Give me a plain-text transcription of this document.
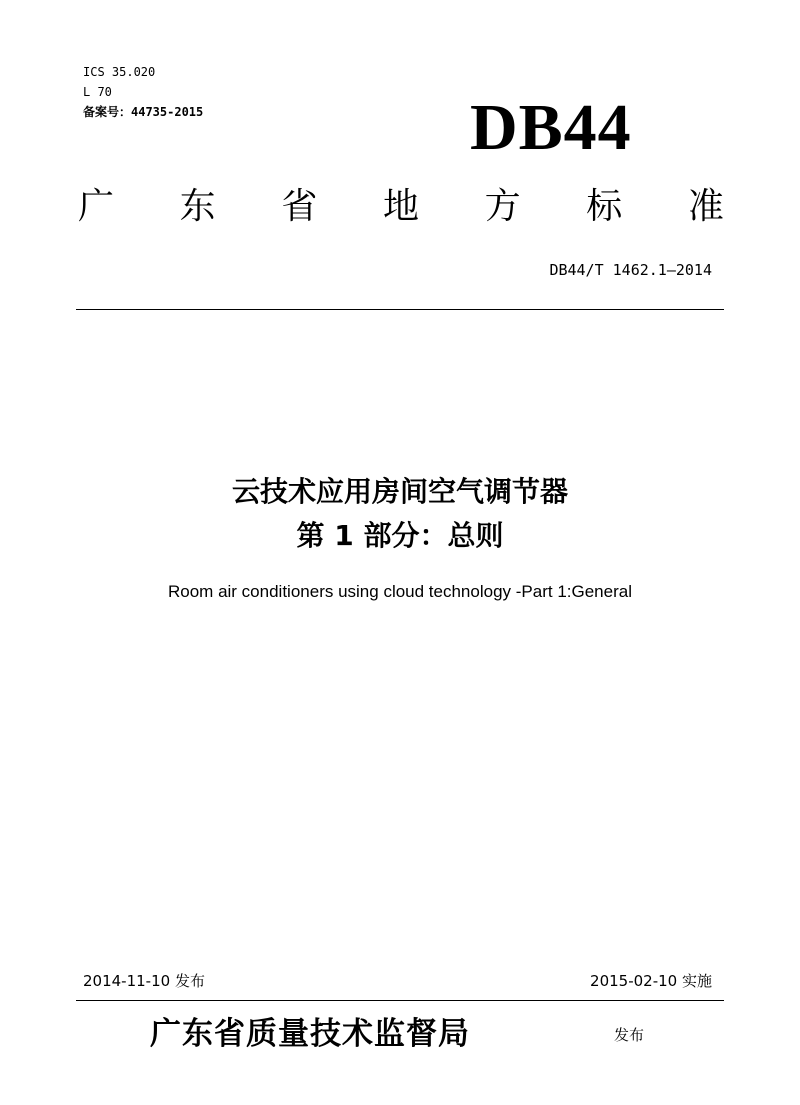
ICS 35.020
L 70
备案号：44735-2015	DB44
广 东 省 地 方 标 准
DB44/T 1462.1—2014
云技术应用房间空气调节器
第 1 部分：总则
Room air conditioners using cloud technology -Part 1:General
2014-11-10 发布	2015-02-10 实施
广东省质量技术监督局	发布
